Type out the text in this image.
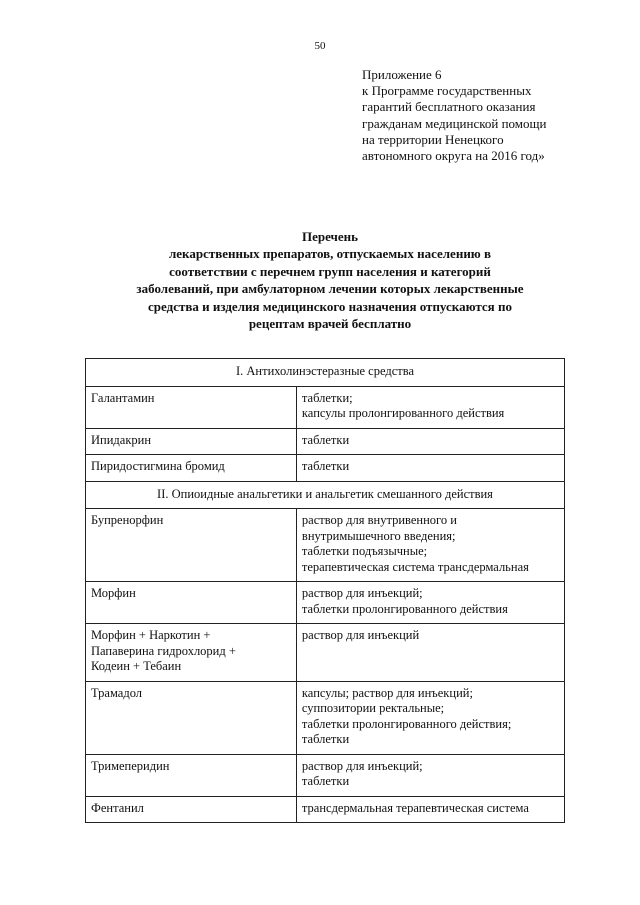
50
Приложение 6
к Программе государственных
гарантий бесплатного оказания
гражданам медицинской помощи
на территории Ненецкого
автономного округа на 2016 год»
Перечень
лекарственных препаратов, отпускаемых населению в
соответствии с перечнем групп населения и категорий
заболеваний, при амбулаторном лечении которых лекарственные
средства и изделия медицинского назначения отпускаются по
рецептам врачей бесплатно
I. Антихолинэстеразные средства	

Галантамин	таблетки;
капсулы пролонгированного действия

Ипидакрин	таблетки

Пиридостигмина бромид	таблетки

II. Опиоидные анальгетики и анальгетик смешанного действия	

Бупренорфин	раствор для внутривенного и
внутримышечного введения;
таблетки подъязычные;
терапевтическая система трансдермальная

Морфин	раствор для инъекций;
таблетки пролонгированного действия

Морфин + Наркотин +
Папаверина гидрохлорид +
Кодеин + Тебаин	раствор для инъекций

Трамадол	капсулы; раствор для инъекций;
суппозитории ректальные;
таблетки пролонгированного действия;
таблетки

Тримеперидин	раствор для инъекций;
таблетки

Фентанил	трансдермальная терапевтическая система
